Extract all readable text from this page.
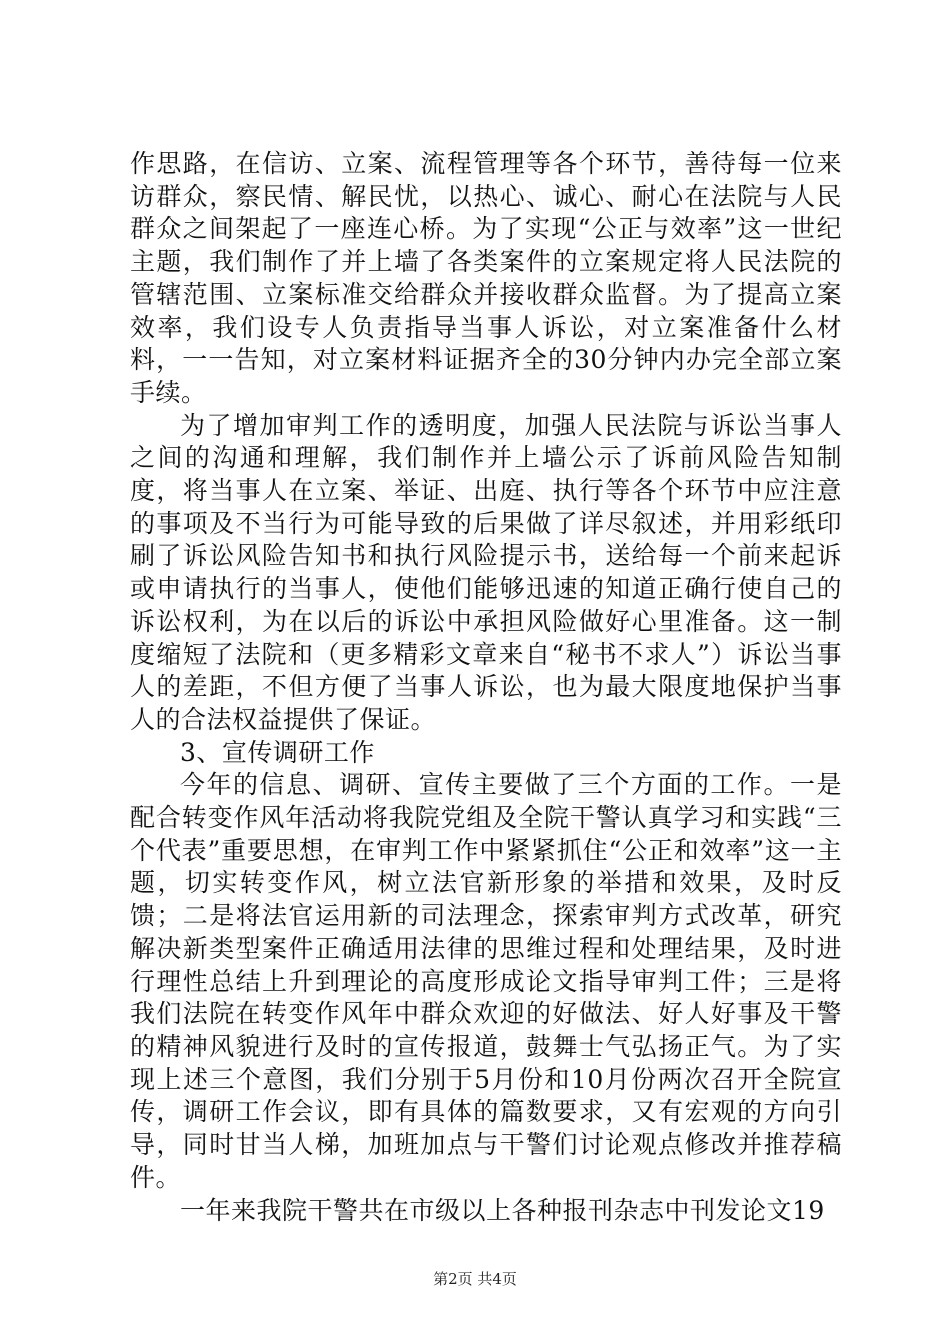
作思路，在信访、立案、流程管理等各个环节，善待每一位来访群众，察民情、解民忧，以热心、诚心、耐心在法院与人民群众之间架起了一座连心桥。为了实现“公正与效率”这一世纪主题，我们制作了并上墙了各类案件的立案规定将人民法院的管辖范围、立案标准交给群众并接收群众监督。为了提高立案效率，我们设专人负责指导当事人诉讼，对立案准备什么材料，一一告知，对立案材料证据齐全的30分钟内办完全部立案手续。

为了增加审判工作的透明度，加强人民法院与诉讼当事人之间的沟通和理解，我们制作并上墙公示了诉前风险告知制度，将当事人在立案、举证、出庭、执行等各个环节中应注意的事项及不当行为可能导致的后果做了详尽叙述，并用彩纸印刷了诉讼风险告知书和执行风险提示书，送给每一个前来起诉或申请执行的当事人，使他们能够迅速的知道正确行使自己的诉讼权利，为在以后的诉讼中承担风险做好心里准备。这一制度缩短了法院和（更多精彩文章来自“秘书不求人”）诉讼当事人的差距，不但方便了当事人诉讼，也为最大限度地保护当事人的合法权益提供了保证。

3、宣传调研工作

今年的信息、调研、宣传主要做了三个方面的工作。一是配合转变作风年活动将我院党组及全院干警认真学习和实践“三个代表”重要思想，在审判工作中紧紧抓住“公正和效率”这一主题，切实转变作风，树立法官新形象的举措和效果，及时反馈；二是将法官运用新的司法理念，探索审判方式改革，研究解决新类型案件正确适用法律的思维过程和处理结果，及时进行理性总结上升到理论的高度形成论文指导审判工件；三是将我们法院在转变作风年中群众欢迎的好做法、好人好事及干警的精神风貌进行及时的宣传报道，鼓舞士气弘扬正气。为了实现上述三个意图，我们分别于5月份和10月份两次召开全院宣传，调研工作会议，即有具体的篇数要求，又有宏观的方向引导，同时甘当人梯，加班加点与干警们讨论观点修改并推荐稿件。

一年来我院干警共在市级以上各种报刊杂志中刊发论文19

第2页 共4页
